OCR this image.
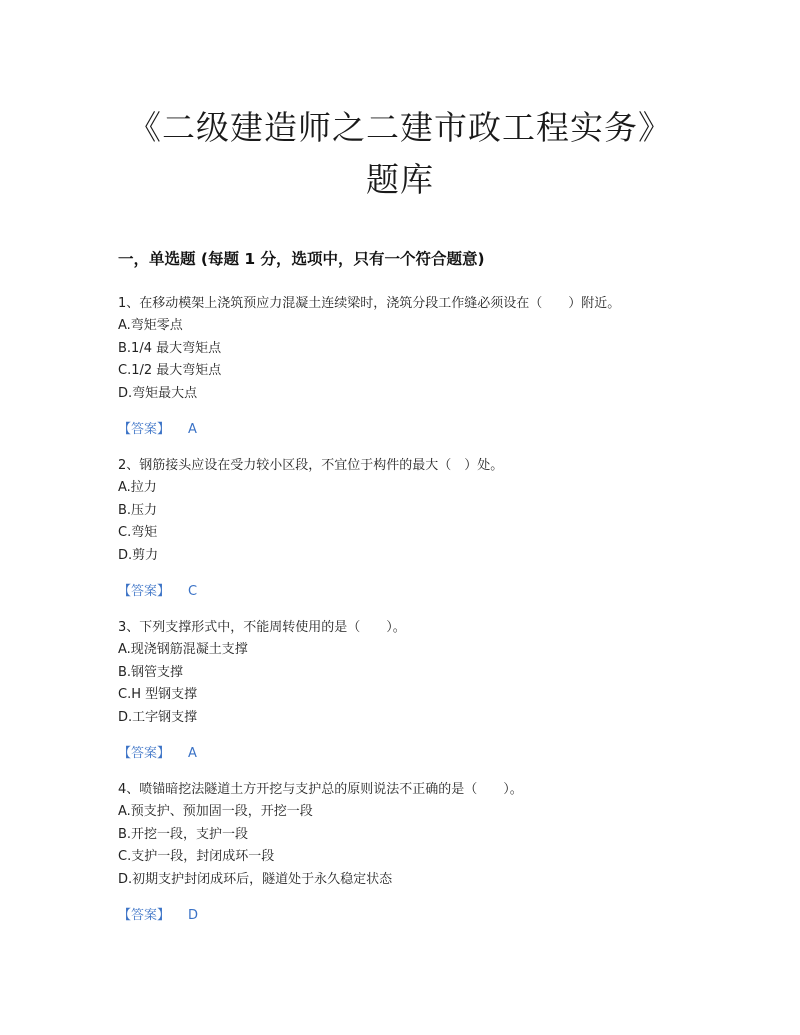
《二级建造师之二建市政工程实务》
题库
一，单选题 (每题 1 分，选项中，只有一个符合题意)
1、在移动模架上浇筑预应力混凝土连续梁时，浇筑分段工作缝必须设在（　　）附近。
A.弯矩零点
B.1/4 最大弯矩点
C.1/2 最大弯矩点
D.弯矩最大点
【答案】 A
2、钢筋接头应设在受力较小区段，不宜位于构件的最大（　）处。
A.拉力
B.压力
C.弯矩
D.剪力
【答案】 C
3、下列支撑形式中，不能周转使用的是（　　）。
A.现浇钢筋混凝土支撑
B.钢管支撑
C.H 型钢支撑
D.工字钢支撑
【答案】 A
4、喷锚暗挖法隧道土方开挖与支护总的原则说法不正确的是（　　）。
A.预支护、预加固一段，开挖一段
B.开挖一段，支护一段
C.支护一段，封闭成环一段
D.初期支护封闭成环后，隧道处于永久稳定状态
【答案】 D
